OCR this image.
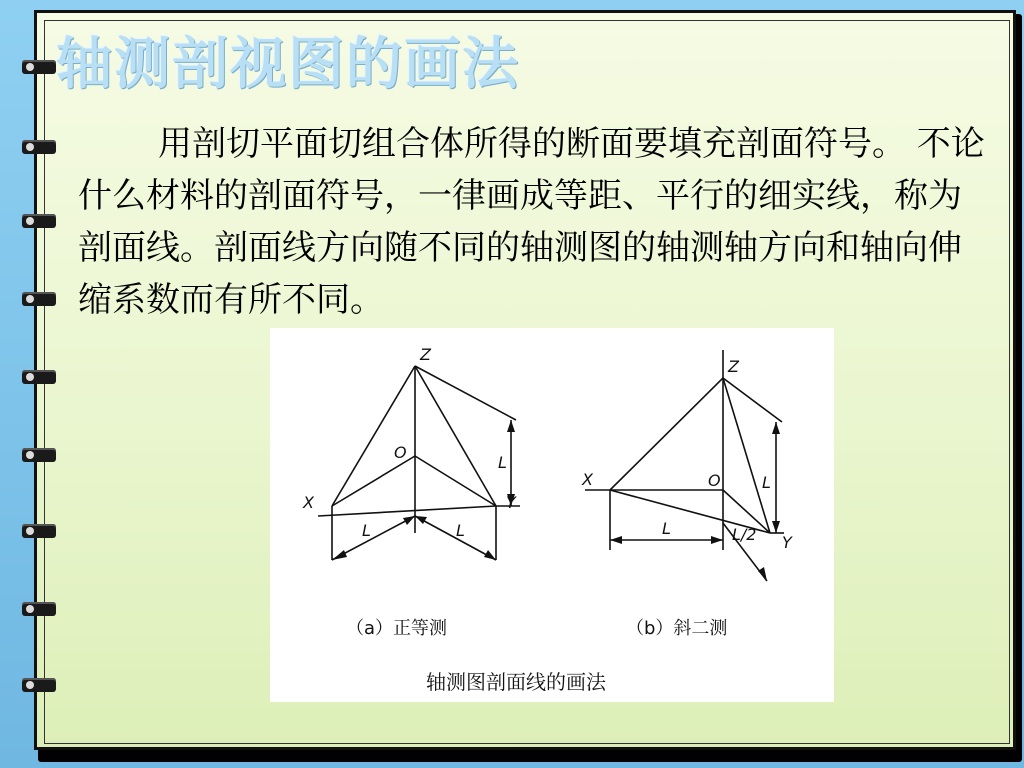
轴测剖视图的画法
用剖切平面切组合体所得的断面要填充剖面符号。 不论什么材料的剖面符号，一律画成等距、平行的细实线，称为剖面线。剖面线方向随不同的轴测图的轴测轴方向和轴向伸缩系数而有所不同。
Z
O
X	Y
L	L
L
Z
O
X
Y
L	L/2
L
（a）正等测	（b）斜二测
轴测图剖面线的画法
